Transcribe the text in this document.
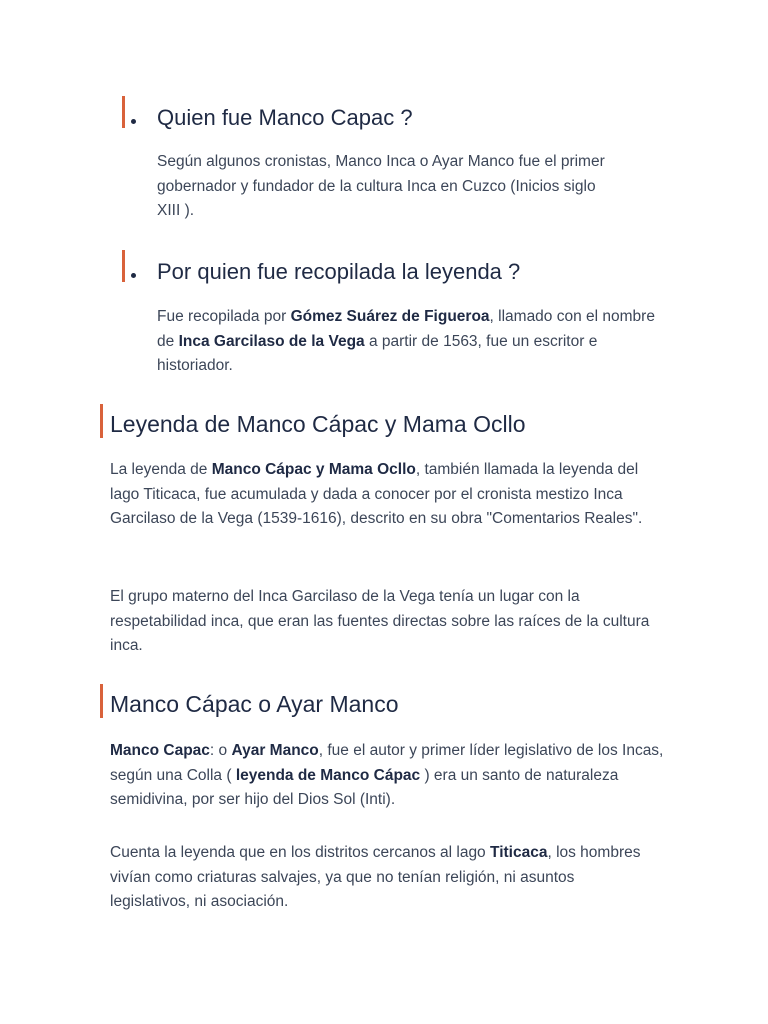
Quien fue Manco Capac ?

Según algunos cronistas, Manco Inca o Ayar Manco fue el primer gobernador y fundador de la cultura Inca en Cuzco (Inicios siglo XIII ).

Por quien fue recopilada la leyenda ?

Fue recopilada por Gómez Suárez de Figueroa, llamado con el nombre de Inca Garcilaso de la Vega a partir de 1563, fue un escritor e historiador.

Leyenda de Manco Cápac y Mama Ocllo

La leyenda de Manco Cápac y Mama Ocllo, también llamada la leyenda del lago Titicaca, fue acumulada y dada a conocer por el cronista mestizo Inca Garcilaso de la Vega (1539-1616), descrito en su obra "Comentarios Reales".

El grupo materno del Inca Garcilaso de la Vega tenía un lugar con la respetabilidad inca, que eran las fuentes directas sobre las raíces de la cultura inca.

Manco Cápac o Ayar Manco

Manco Capac: o Ayar Manco, fue el autor y primer líder legislativo de los Incas, según una Colla ( leyenda de Manco Cápac ) era un santo de naturaleza semidivina, por ser hijo del Dios Sol (Inti).

Cuenta la leyenda que en los distritos cercanos al lago Titicaca, los hombres vivían como criaturas salvajes, ya que no tenían religión, ni asuntos legislativos, ni asociación.
